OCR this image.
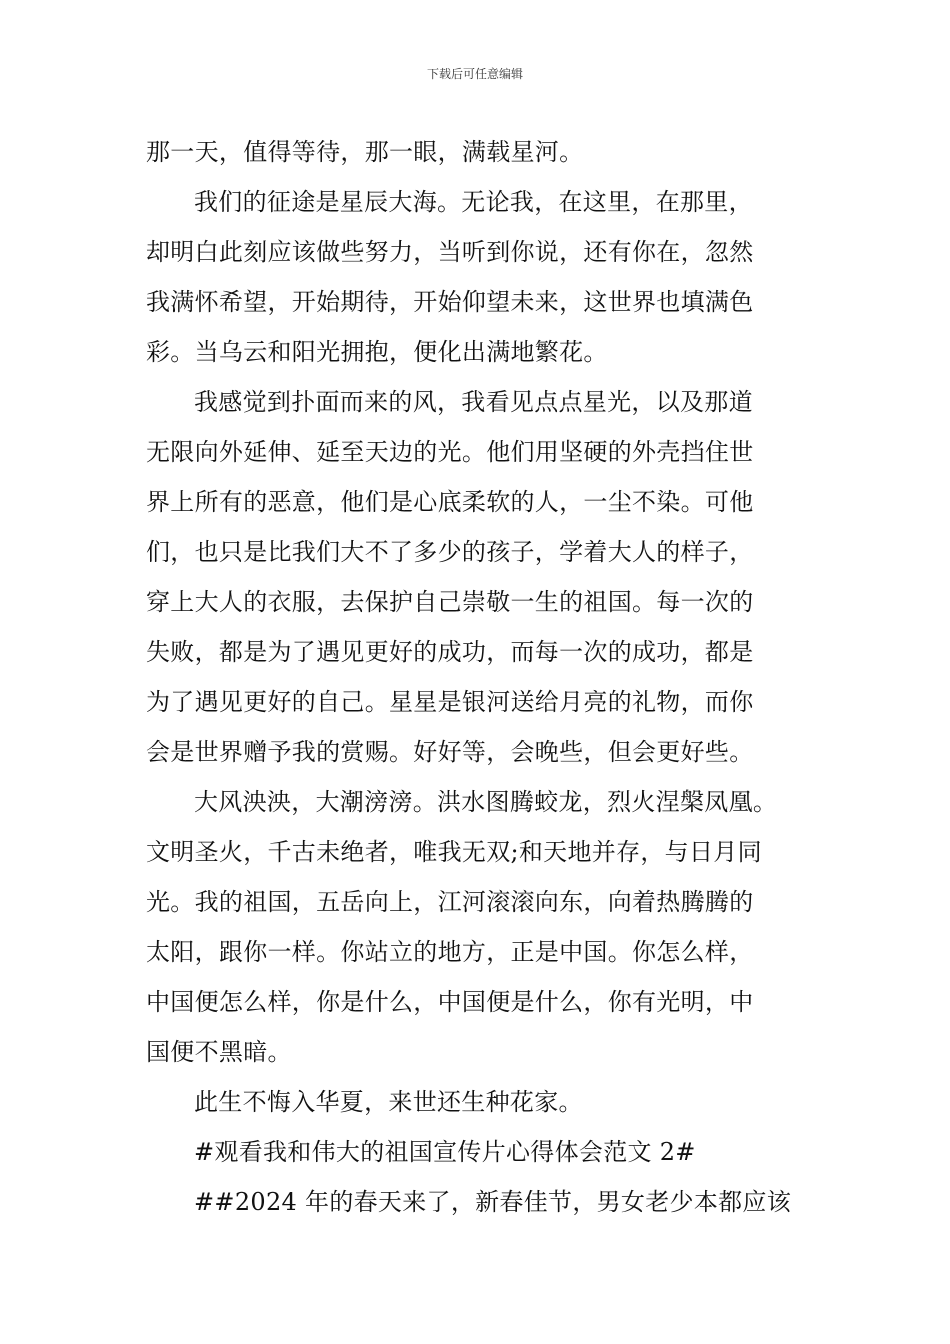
下载后可任意编辑
那一天，值得等待，那一眼，满载星河。
我们的征途是星辰大海。无论我，在这里，在那里，
却明白此刻应该做些努力，当听到你说，还有你在，忽然
我满怀希望，开始期待，开始仰望未来，这世界也填满色
彩。当乌云和阳光拥抱，便化出满地繁花。
我感觉到扑面而来的风，我看见点点星光，以及那道
无限向外延伸、延至天边的光。他们用坚硬的外壳挡住世
界上所有的恶意，他们是心底柔软的人，一尘不染。可他
们，也只是比我们大不了多少的孩子，学着大人的样子，
穿上大人的衣服，去保护自己崇敬一生的祖国。每一次的
失败，都是为了遇见更好的成功，而每一次的成功，都是
为了遇见更好的自己。星星是银河送给月亮的礼物，而你
会是世界赠予我的赏赐。好好等，会晚些，但会更好些。
大风泱泱，大潮滂滂。洪水图腾蛟龙，烈火涅槃凤凰。
文明圣火，千古未绝者，唯我无双;和天地并存，与日月同
光。我的祖国，五岳向上，江河滚滚向东，向着热腾腾的
太阳，跟你一样。你站立的地方，正是中国。你怎么样，
中国便怎么样，你是什么，中国便是什么，你有光明，中
国便不黑暗。
此生不悔入华夏，来世还生种花家。
#观看我和伟大的祖国宣传片心得体会范文 2#
##2024 年的春天来了，新春佳节，男女老少本都应该
